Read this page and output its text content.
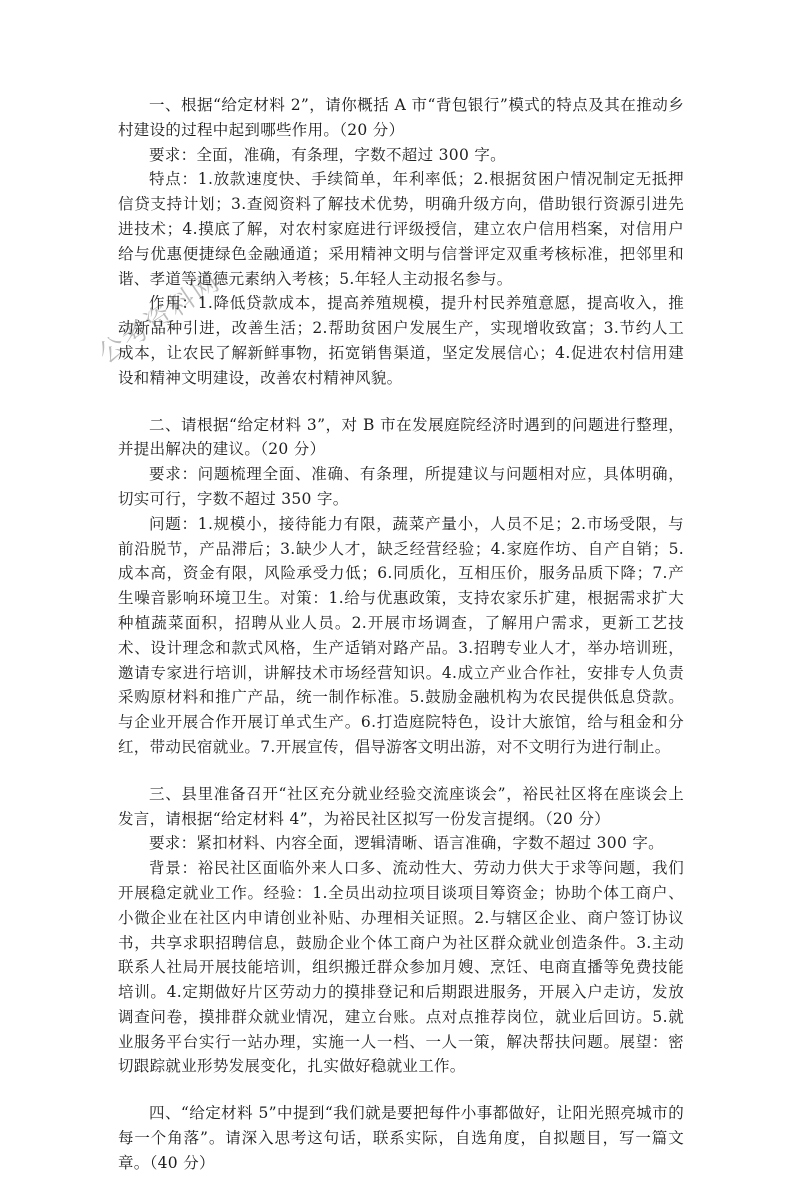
公考资料网

一、根据“给定材料 2”，请你概括 A 市“背包银行”模式的特点及其在推动乡村建设的过程中起到哪些作用。（20 分）

要求：全面，准确，有条理，字数不超过 300 字。

特点：1.放款速度快、手续简单，年利率低；2.根据贫困户情况制定无抵押信贷支持计划；3.查阅资料了解技术优势，明确升级方向，借助银行资源引进先进技术；4.摸底了解，对农村家庭进行评级授信，建立农户信用档案，对信用户给与优惠便捷绿色金融通道；采用精神文明与信誉评定双重考核标准，把邻里和谐、孝道等道德元素纳入考核；5.年轻人主动报名参与。

作用：1.降低贷款成本，提高养殖规模，提升村民养殖意愿，提高收入，推动新品种引进，改善生活；2.帮助贫困户发展生产，实现增收致富；3.节约人工成本，让农民了解新鲜事物，拓宽销售渠道，坚定发展信心；4.促进农村信用建设和精神文明建设，改善农村精神风貌。

二、请根据“给定材料 3”，对 B 市在发展庭院经济时遇到的问题进行整理，并提出解决的建议。（20 分）

要求：问题梳理全面、准确、有条理，所提建议与问题相对应，具体明确，切实可行，字数不超过 350 字。

问题：1.规模小，接待能力有限，蔬菜产量小，人员不足；2.市场受限，与前沿脱节，产品滞后；3.缺少人才，缺乏经营经验；4.家庭作坊、自产自销；5.成本高，资金有限，风险承受力低；6.同质化，互相压价，服务品质下降；7.产生噪音影响环境卫生。对策：1.给与优惠政策，支持农家乐扩建，根据需求扩大种植蔬菜面积，招聘从业人员。2.开展市场调查，了解用户需求，更新工艺技术、设计理念和款式风格，生产适销对路产品。3.招聘专业人才，举办培训班，邀请专家进行培训，讲解技术市场经营知识。4.成立产业合作社，安排专人负责采购原材料和推广产品，统一制作标准。5.鼓励金融机构为农民提供低息贷款。与企业开展合作开展订单式生产。6.打造庭院特色，设计大旅馆，给与租金和分红，带动民宿就业。7.开展宣传，倡导游客文明出游，对不文明行为进行制止。

三、县里准备召开“社区充分就业经验交流座谈会”，裕民社区将在座谈会上发言，请根据“给定材料 4”，为裕民社区拟写一份发言提纲。（20 分）

要求：紧扣材料、内容全面，逻辑清晰、语言准确，字数不超过 300 字。

背景：裕民社区面临外来人口多、流动性大、劳动力供大于求等问题，我们开展稳定就业工作。经验：1.全员出动拉项目谈项目筹资金；协助个体工商户、小微企业在社区内申请创业补贴、办理相关证照。2.与辖区企业、商户签订协议书，共享求职招聘信息，鼓励企业个体工商户为社区群众就业创造条件。3.主动联系人社局开展技能培训，组织搬迁群众参加月嫂、烹饪、电商直播等免费技能培训。4.定期做好片区劳动力的摸排登记和后期跟进服务，开展入户走访，发放调查问卷，摸排群众就业情况，建立台账。点对点推荐岗位，就业后回访。5.就业服务平台实行一站办理，实施一人一档、一人一策，解决帮扶问题。展望：密切跟踪就业形势发展变化，扎实做好稳就业工作。

四、“给定材料 5”中提到“我们就是要把每件小事都做好，让阳光照亮城市的每一个角落”。请深入思考这句话，联系实际，自选角度，自拟题目，写一篇文章。（40 分）
